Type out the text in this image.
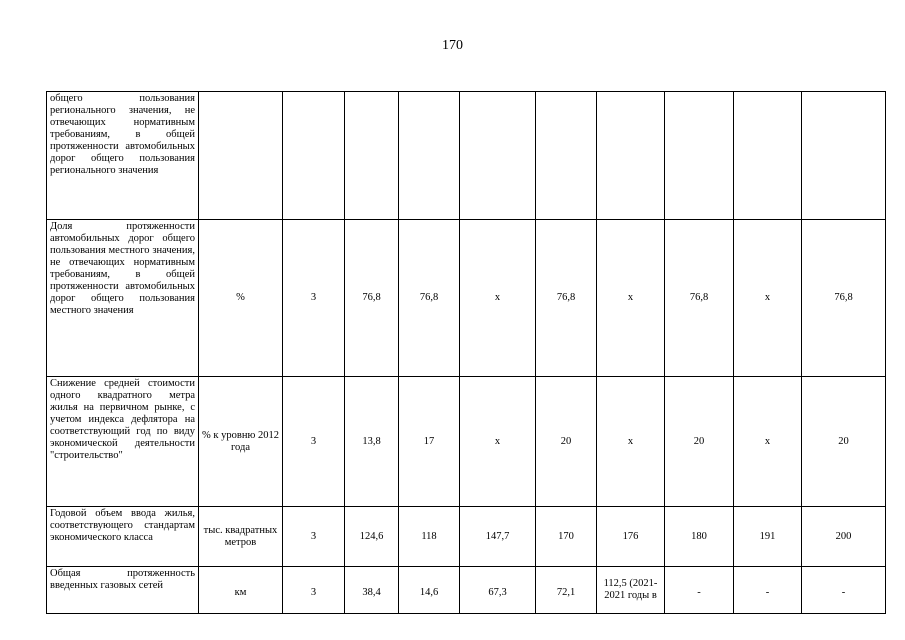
170
общего пользования регионального значения, не отвечающих нормативным требованиям, в общей протяженности автомобильных дорог общего пользования регионального значения										
Доля протяженности автомобильных дорог общего пользования местного значения, не отвечающих нормативным требованиям, в общей протяженности автомобильных дорог общего пользования местного значения	%	3	76,8	76,8	x	76,8	x	76,8	x	76,8
Снижение средней стоимости одного квадратного метра жилья на первичном рынке, с учетом индекса дефлятора на соответствующий год по виду экономической деятельности "строительство"	% к уровню 2012 года	3	13,8	17	x	20	x	20	x	20
Годовой объем ввода жилья, соответствующего стандартам экономического класса	тыс. квадратных метров	3	124,6	118	147,7	170	176	180	191	200

Общая протяженность введенных газовых сетей	км	3	38,4	14,6	67,3	72,1	112,5 (2021-2021 годы в	-	-	-
